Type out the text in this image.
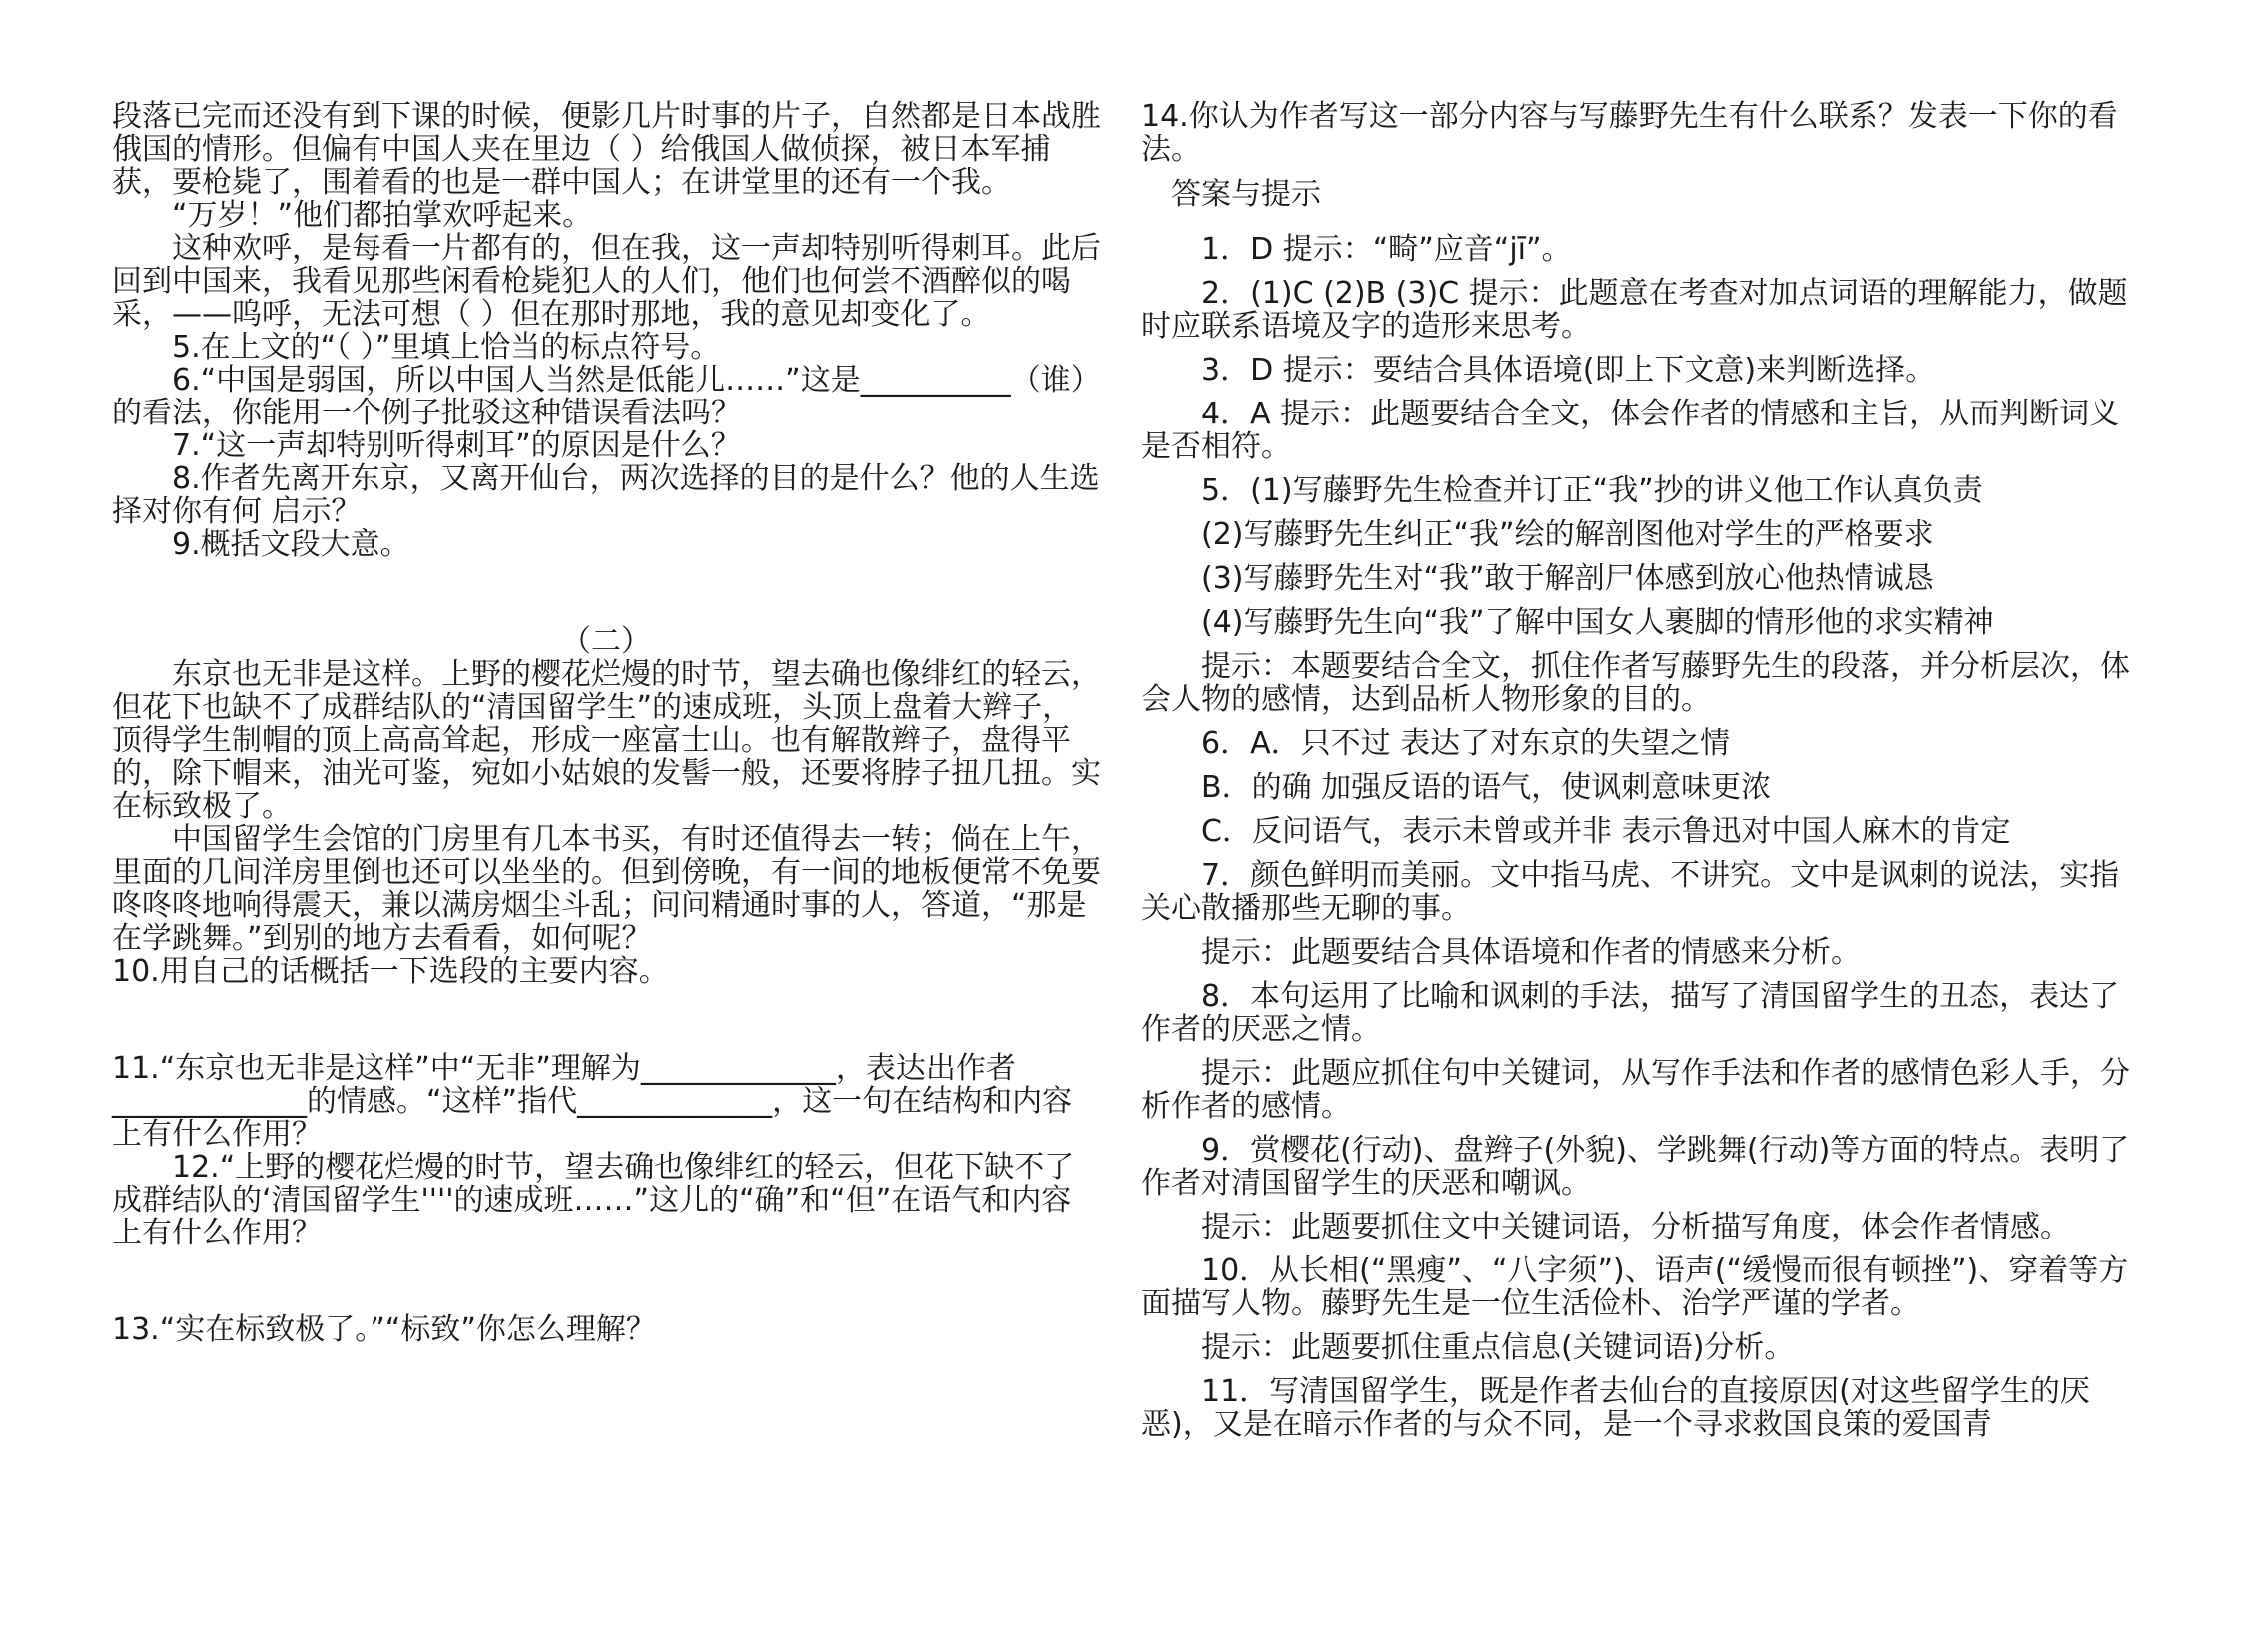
段落已完而还没有到下课的时候，便影几片时事的片子，自然都是日本战胜俄国的情形。但偏有中国人夹在里边（ ）给俄国人做侦探，被日本军捕获，要枪毙了，围着看的也是一群中国人；在讲堂里的还有一个我。

“万岁！”他们都拍掌欢呼起来。

这种欢呼，是每看一片都有的，但在我，这一声却特别听得刺耳。此后回到中国来，我看见那些闲看枪毙犯人的人们，他们也何尝不酒醉似的喝采，——呜呼，无法可想（ ）但在那时那地，我的意见却变化了。

5.在上文的“（ ）”里填上恰当的标点符号。

6.“中国是弱国，所以中国人当然是低能儿……”这是__________（谁）的看法，你能用一个例子批驳这种错误看法吗？

7.“这一声却特别听得刺耳”的原因是什么？

8.作者先离开东京，又离开仙台，两次选择的目的是什么？他的人生选择对你有何 启示？

9.概括文段大意。

（二）

东京也无非是这样。上野的樱花烂熳的时节，望去确也像绯红的轻云，但花下也缺不了成群结队的“清国留学生”的速成班，头顶上盘着大辫子，顶得学生制帽的顶上高高耸起，形成一座富士山。也有解散辫子，盘得平的，除下帽来，油光可鉴，宛如小姑娘的发髻一般，还要将脖子扭几扭。实在标致极了。

中国留学生会馆的门房里有几本书买，有时还值得去一转；倘在上午，里面的几间洋房里倒也还可以坐坐的。但到傍晚，有一间的地板便常不免要咚咚咚地响得震天，兼以满房烟尘斗乱；问问精通时事的人，答道，“那是在学跳舞。”到别的地方去看看，如何呢？

10.用自己的话概括一下选段的主要内容。

11.“东京也无非是这样”中“无非”理解为_____________，表达出作者_____________的情感。“这样”指代_____________，这一句在结构和内容上有什么作用？

12.“上野的樱花烂熳的时节，望去确也像绯红的轻云，但花下缺不了成群结队的‘清国留学生''''的速成班……”这儿的“确”和“但”在语气和内容上有什么作用？

13.“实在标致极了。”“标致”你怎么理解？

14.你认为作者写这一部分内容与写藤野先生有什么联系？发表一下你的看法。

答案与提示

1．D 提示：“畸”应音“jī”。

2．(1)C (2)B (3)C 提示：此题意在考查对加点词语的理解能力，做题时应联系语境及字的造形来思考。

3．D 提示：要结合具体语境(即上下文意)来判断选择。

4．A 提示：此题要结合全文，体会作者的情感和主旨，从而判断词义是否相符。

5．(1)写藤野先生检查并订正“我”抄的讲义他工作认真负责

(2)写藤野先生纠正“我”绘的解剖图他对学生的严格要求

(3)写藤野先生对“我”敢于解剖尸体感到放心他热情诚恳

(4)写藤野先生向“我”了解中国女人裹脚的情形他的求实精神

提示：本题要结合全文，抓住作者写藤野先生的段落，并分析层次，体会人物的感情，达到品析人物形象的目的。

6．A．只不过 表达了对东京的失望之情

B．的确 加强反语的语气，使讽刺意味更浓

C．反问语气，表示未曾或并非 表示鲁迅对中国人麻木的肯定

7．颜色鲜明而美丽。文中指马虎、不讲究。文中是讽刺的说法，实指关心散播那些无聊的事。

提示：此题要结合具体语境和作者的情感来分析。

8．本句运用了比喻和讽刺的手法，描写了清国留学生的丑态，表达了作者的厌恶之情。

提示：此题应抓住句中关键词，从写作手法和作者的感情色彩人手，分析作者的感情。

9．赏樱花(行动)、盘辫子(外貌)、学跳舞(行动)等方面的特点。表明了作者对清国留学生的厌恶和嘲讽。

提示：此题要抓住文中关键词语，分析描写角度，体会作者情感。

10．从长相(“黑瘦”、“八字须”)、语声(“缓慢而很有顿挫”)、穿着等方面描写人物。藤野先生是一位生活俭朴、治学严谨的学者。

提示：此题要抓住重点信息(关键词语)分析。

11．写清国留学生，既是作者去仙台的直接原因(对这些留学生的厌恶)，又是在暗示作者的与众不同，是一个寻求救国良策的爱国青
